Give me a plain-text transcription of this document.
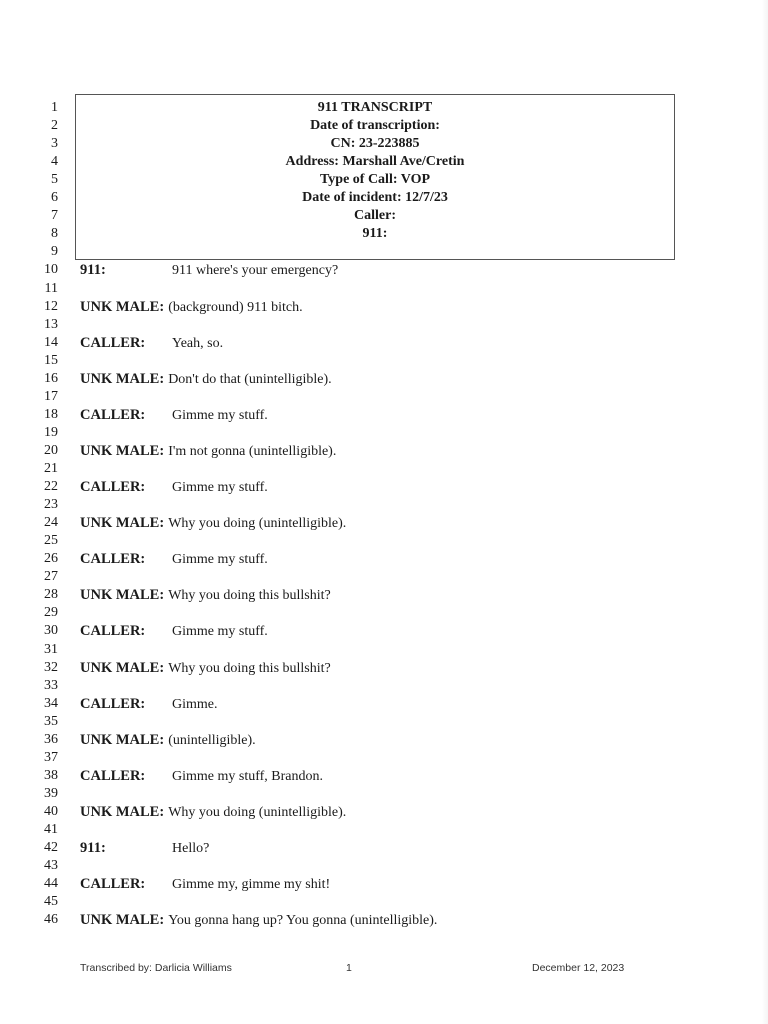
1
2
3
4
5
6
7
8
9
10
11
12
13
14
15
16
17
18
19
20
21
22
23
24
25
26
27
28
29
30
31
32
33
34
35
36
37
38
39
40
41
42
43
44
45
46
911 TRANSCRIPT
Date of transcription:
CN: 23-223885
Address: Marshall Ave/Cretin
Type of Call: VOP
Date of incident: 12/7/23
Caller:
911:
911:	911 where's your emergency?
UNK MALE: (background) 911 bitch.
CALLER: Yeah, so.
UNK MALE: Don't do that (unintelligible).
CALLER: Gimme my stuff.
UNK MALE: I'm not gonna (unintelligible).
CALLER: Gimme my stuff.
UNK MALE: Why you doing (unintelligible).
CALLER: Gimme my stuff.
UNK MALE: Why you doing this bullshit?
CALLER: Gimme my stuff.
UNK MALE: Why you doing this bullshit?
CALLER: Gimme.
UNK MALE: (unintelligible).
CALLER: Gimme my stuff, Brandon.
UNK MALE: Why you doing (unintelligible).
911:	Hello?
CALLER: Gimme my, gimme my shit!
UNK MALE: You gonna hang up? You gonna (unintelligible).
Transcribed by: Darlicia Williams	1	December 12, 2023
